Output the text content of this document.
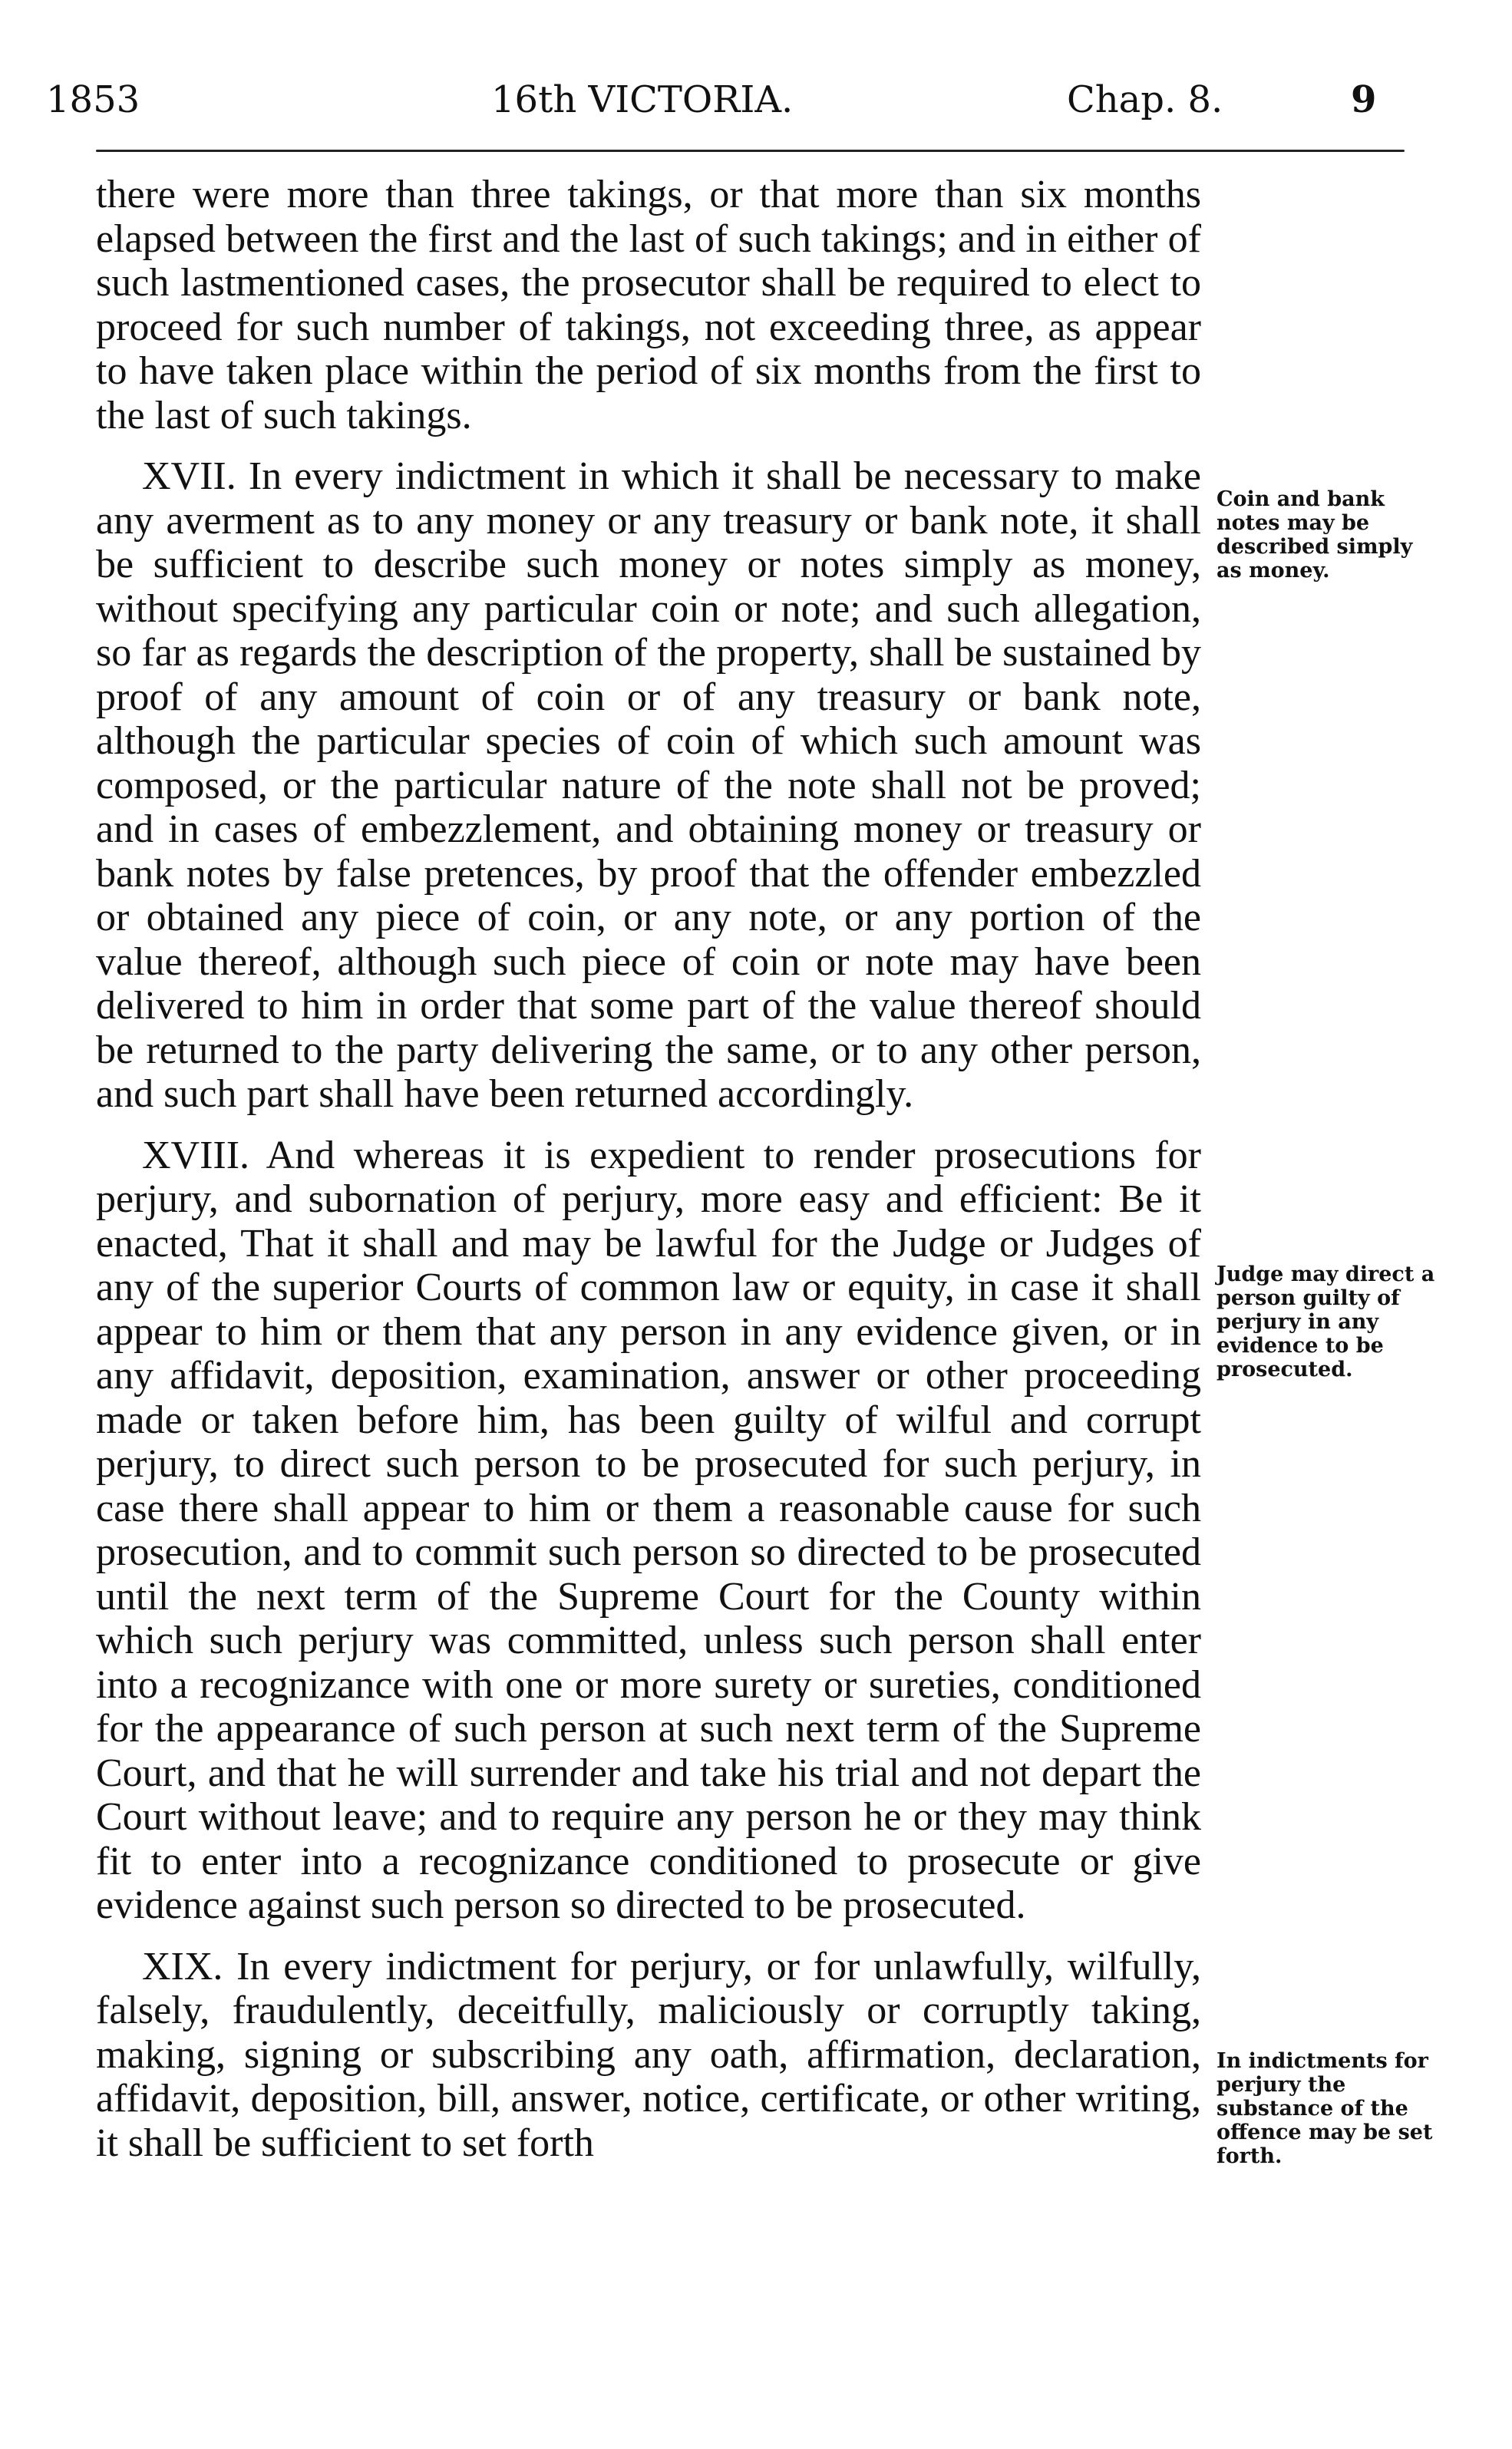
1853	16th VICTORIA.	Chap. 8.	9

there were more than three takings, or that more than six months elapsed between the first and the last of such takings; and in either of such lastmentioned cases, the prosecutor shall be required to elect to proceed for such number of takings, not exceeding three, as appear to have taken place within the period of six months from the first to the last of such takings.

XVII. In every indictment in which it shall be necessary to make any averment as to any money or any treasury or bank note, it shall be sufficient to describe such money or notes simply as money, without specifying any particular coin or note; and such allegation, so far as regards the description of the property, shall be sustained by proof of any amount of coin or of any treasury or bank note, although the particular species of coin of which such amount was composed, or the particular nature of the note shall not be proved; and in cases of embezzlement, and obtaining money or treasury or bank notes by false pretences, by proof that the offender embezzled or obtained any piece of coin, or any note, or any portion of the value thereof, although such piece of coin or note may have been delivered to him in order that some part of the value thereof should be returned to the party delivering the same, or to any other person, and such part shall have been returned accordingly.

XVIII. And whereas it is expedient to render prosecutions for perjury, and subornation of perjury, more easy and efficient: Be it enacted, That it shall and may be lawful for the Judge or Judges of any of the superior Courts of common law or equity, in case it shall appear to him or them that any person in any evidence given, or in any affidavit, deposition, examination, answer or other proceeding made or taken before him, has been guilty of wilful and corrupt perjury, to direct such person to be prosecuted for such perjury, in case there shall appear to him or them a reasonable cause for such prosecution, and to commit such person so directed to be prosecuted until the next term of the Supreme Court for the County within which such perjury was committed, unless such person shall enter into a recognizance with one or more surety or sureties, conditioned for the appearance of such person at such next term of the Supreme Court, and that he will surrender and take his trial and not depart the Court without leave; and to require any person he or they may think fit to enter into a recognizance conditioned to prosecute or give evidence against such person so directed to be prosecuted.

XIX. In every indictment for perjury, or for unlawfully, wilfully, falsely, fraudulently, deceitfully, maliciously or corruptly taking, making, signing or subscribing any oath, affirmation, declaration, affidavit, deposition, bill, answer, notice, certificate, or other writing, it shall be sufficient to set forth

Coin and bank notes may be described simply as money.
Judge may direct a person guilty of perjury in any evidence to be prosecuted.
In indictments for perjury the substance of the offence may be set forth.
